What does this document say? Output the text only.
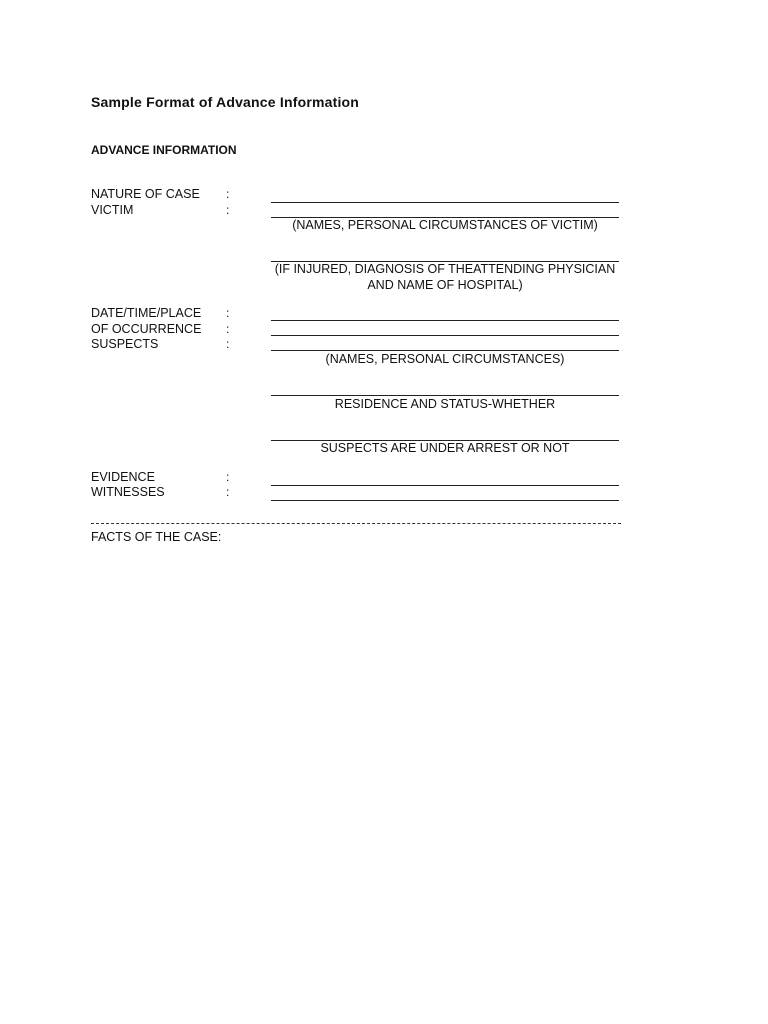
Sample Format of Advance Information
ADVANCE INFORMATION
NATURE OF CASE :
VICTIM	:
(NAMES, PERSONAL CIRCUMSTANCES OF VICTIM)
(IF INJURED, DIAGNOSIS OF THEATTENDING PHYSICIAN
AND NAME OF HOSPITAL)
DATE/TIME/PLACE :
OF OCCURRENCE :
SUSPECTS	:
(NAMES, PERSONAL CIRCUMSTANCES)
RESIDENCE AND STATUS-WHETHER
SUSPECTS ARE UNDER ARREST OR NOT
EVIDENCE	:
WITNESSES	:
FACTS OF THE CASE:
